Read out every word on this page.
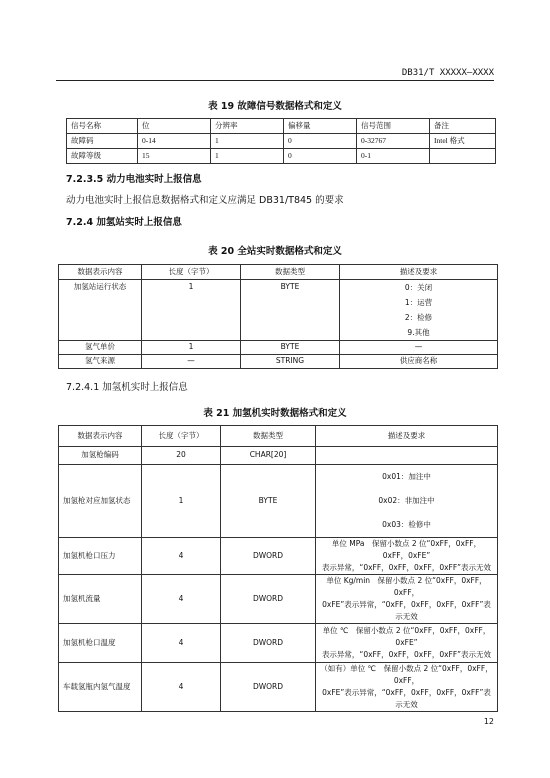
DB31/T XXXXX—XXXX
表 19 故障信号数据格式和定义
信号名称	位	分辨率	偏移量	信号范围	备注
故障码	0-14	1	0	0-32767	Intel 格式
故障等级	15	1	0	0-1	
7.2.3.5 动力电池实时上报信息
动力电池实时上报信息数据格式和定义应满足 DB31/T845 的要求
7.2.4 加氢站实时上报信息
表 20 全站实时数据格式和定义
数据表示内容	长度（字节）	数据类型	描述及要求
加氢站运行状态	1	BYTE	0：关闭
1：运营
2：检修
9.其他

氢气单价	1	BYTE	—
氢气来源	—	STRING	供应商名称
7.2.4.1 加氢机实时上报信息
表 21 加氢机实时数据格式和定义
数据表示内容	长度（字节）	数据类型	描述及要求
加氢枪编码	20	CHAR[20]	
加氢枪对应加氢状态	1	BYTE	0x01：加注中
0x02：非加注中
0x03：检修中

加氢机枪口压力	4	DWORD	单位 MPa　保留小数点 2 位“0xFF，0xFF，0xFF，0xFE”
表示异常，“0xFF，0xFF，0xFF，0xFF”表示无效

加氢机流量	4	DWORD	单位 Kg/min　保留小数点 2 位“0xFF，0xFF，0xFF，
0xFE”表示异常，“0xFF，0xFF，0xFF，0xFF”表示无效

加氢机枪口温度	4	DWORD	单位 ℃　保留小数点 2 位“0xFF，0xFF，0xFF，0xFE”
表示异常，“0xFF，0xFF，0xFF，0xFF”表示无效

车载氢瓶内氢气温度	4	DWORD	（如有）单位 ℃　保留小数点 2 位“0xFF，0xFF，0xFF，
0xFE”表示异常，“0xFF，0xFF，0xFF，0xFF”表示无效
12
